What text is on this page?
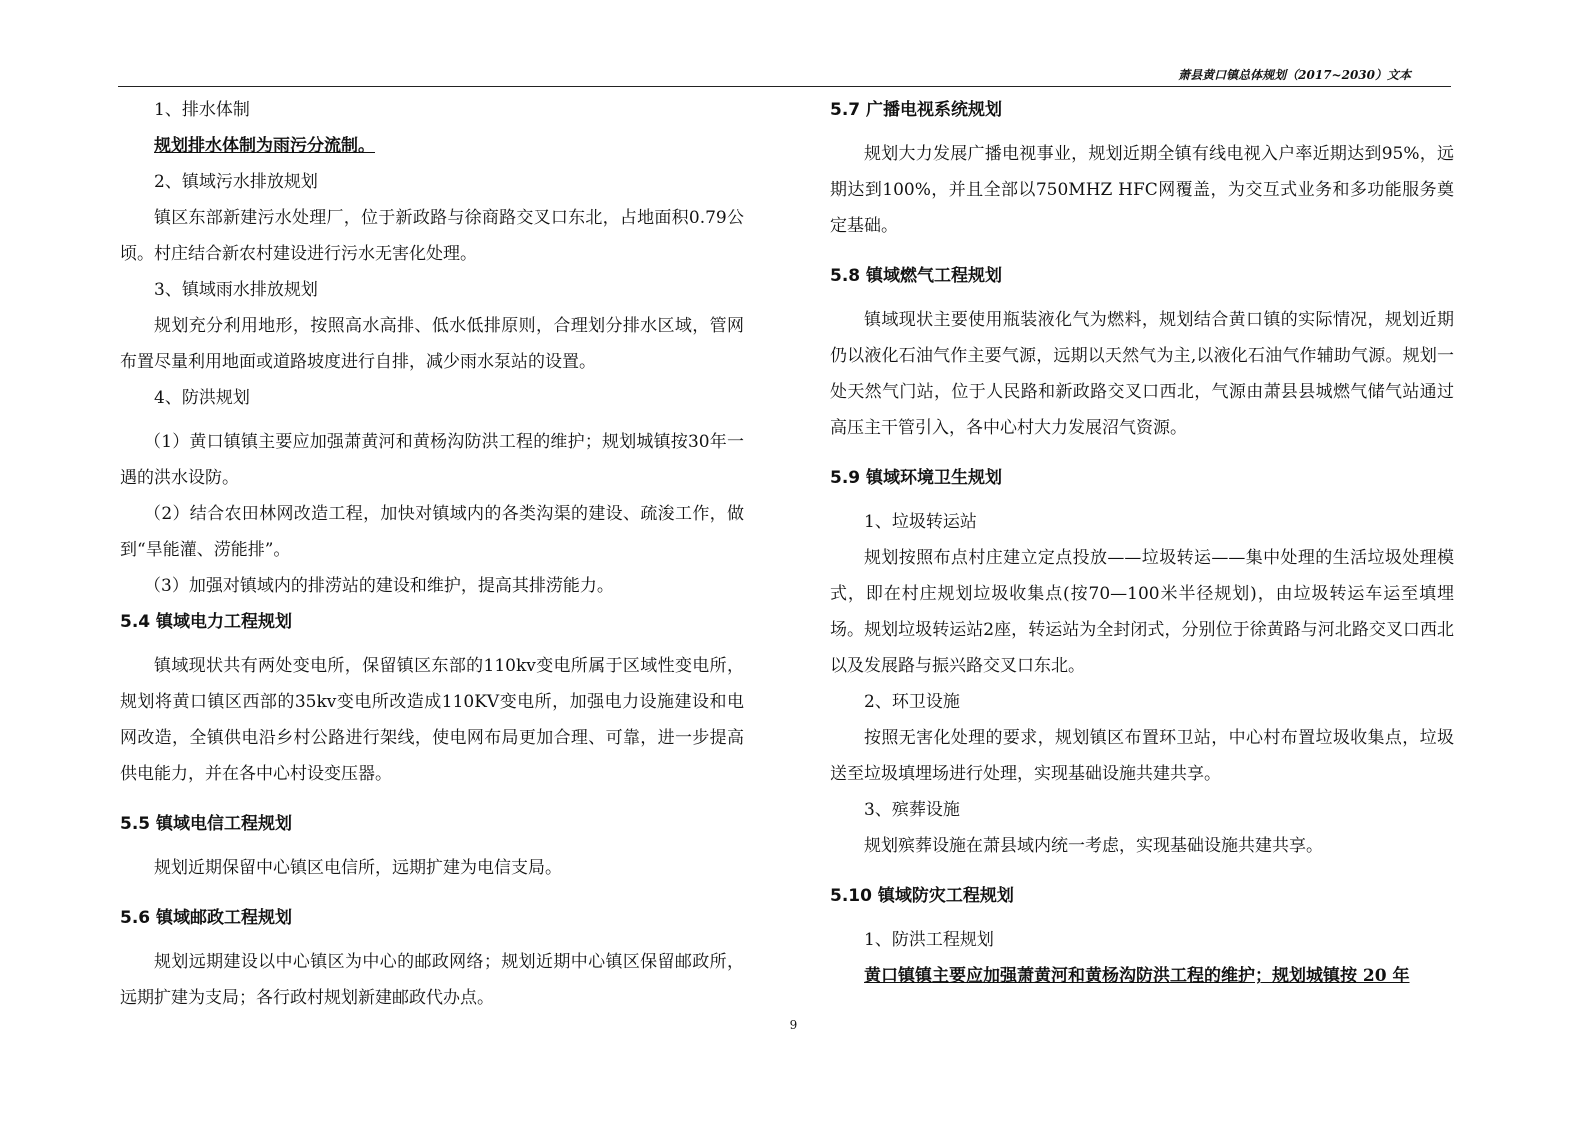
萧县黄口镇总体规划（2017~2030）文本

1、排水体制

规划排水体制为雨污分流制。

2、镇域污水排放规划

镇区东部新建污水处理厂，位于新政路与徐商路交叉口东北，占地面积0.79公顷。村庄结合新农村建设进行污水无害化处理。

3、镇域雨水排放规划

规划充分利用地形，按照高水高排、低水低排原则，合理划分排水区域，管网布置尽量利用地面或道路坡度进行自排，减少雨水泵站的设置。

4、防洪规划

（1）黄口镇镇主要应加强萧黄河和黄杨沟防洪工程的维护；规划城镇按30年一遇的洪水设防。

（2）结合农田林网改造工程，加快对镇域内的各类沟渠的建设、疏浚工作，做到“旱能灌、涝能排”。

（3）加强对镇域内的排涝站的建设和维护，提高其排涝能力。

5.4 镇域电力工程规划

镇域现状共有两处变电所，保留镇区东部的110kv变电所属于区域性变电所，规划将黄口镇区西部的35kv变电所改造成110KV变电所，加强电力设施建设和电网改造，全镇供电沿乡村公路进行架线，使电网布局更加合理、可靠，进一步提高供电能力，并在各中心村设变压器。

5.5 镇域电信工程规划

规划近期保留中心镇区电信所，远期扩建为电信支局。

5.6 镇域邮政工程规划

规划远期建设以中心镇区为中心的邮政网络；规划近期中心镇区保留邮政所，远期扩建为支局；各行政村规划新建邮政代办点。

5.7 广播电视系统规划

规划大力发展广播电视事业，规划近期全镇有线电视入户率近期达到95%，远期达到100%，并且全部以750MHZ HFC网覆盖，为交互式业务和多功能服务奠定基础。

5.8 镇域燃气工程规划

镇域现状主要使用瓶装液化气为燃料，规划结合黄口镇的实际情况，规划近期仍以液化石油气作主要气源，远期以天然气为主,以液化石油气作辅助气源。规划一处天然气门站，位于人民路和新政路交叉口西北，气源由萧县县城燃气储气站通过高压主干管引入，各中心村大力发展沼气资源。

5.9 镇域环境卫生规划

1、垃圾转运站

规划按照布点村庄建立定点投放——垃圾转运——集中处理的生活垃圾处理模式，即在村庄规划垃圾收集点(按70—100米半径规划)，由垃圾转运车运至填埋场。规划垃圾转运站2座，转运站为全封闭式，分别位于徐黄路与河北路交叉口西北以及发展路与振兴路交叉口东北。

2、环卫设施

按照无害化处理的要求，规划镇区布置环卫站，中心村布置垃圾收集点，垃圾送至垃圾填埋场进行处理，实现基础设施共建共享。

3、殡葬设施

规划殡葬设施在萧县域内统一考虑，实现基础设施共建共享。

5.10 镇域防灾工程规划

1、防洪工程规划

黄口镇镇主要应加强萧黄河和黄杨沟防洪工程的维护；规划城镇按 20 年

9
